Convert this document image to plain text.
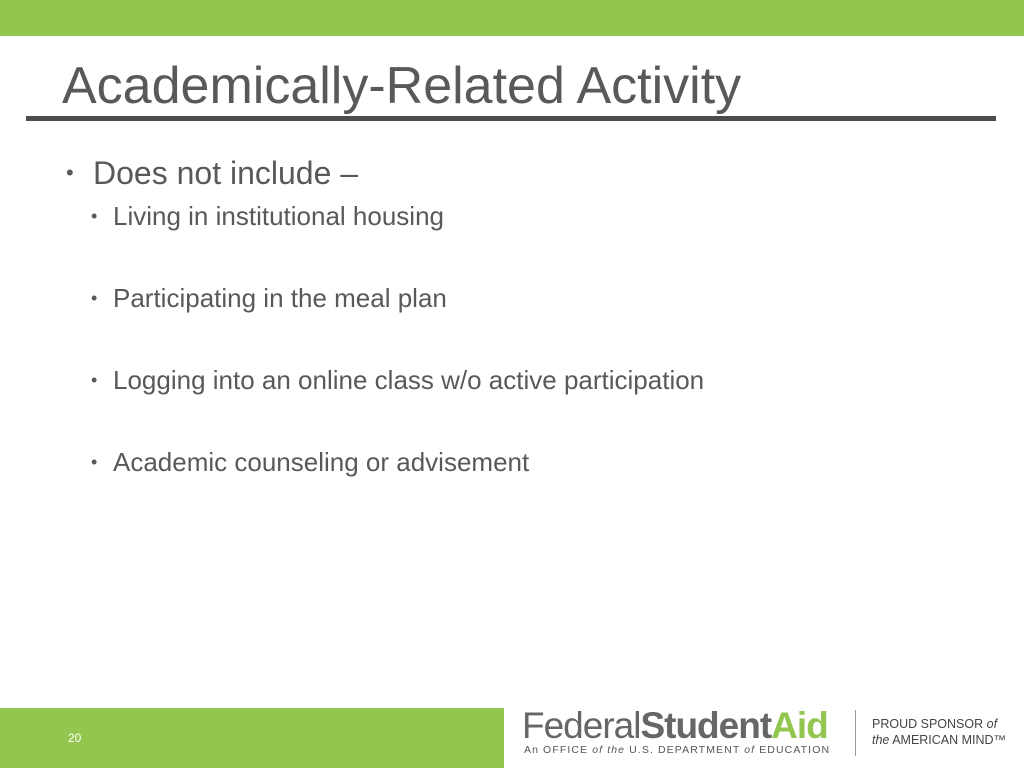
Academically-Related Activity
• Does not include –
• Living in institutional housing
• Participating in the meal plan
• Logging into an online class w/o active participation
• Academic counseling or advisement
20	FederalStudentAid
An OFFICE of the U.S. DEPARTMENT of EDUCATION
PROUD SPONSOR of
the AMERICAN MIND™
